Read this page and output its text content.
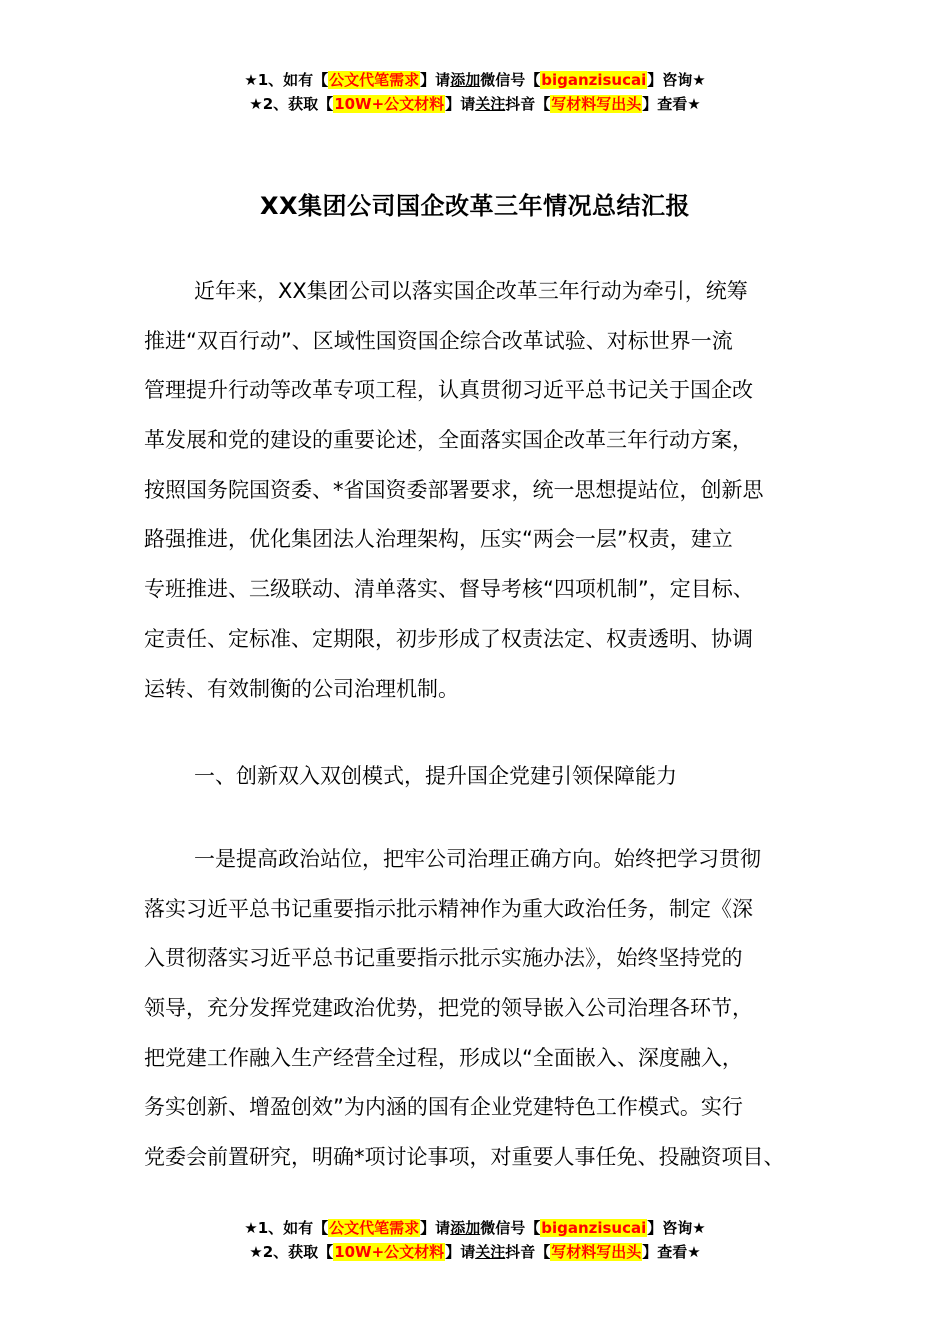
★1、如有【公文代笔需求】请添加微信号【biganzisucai】咨询★
★2、获取【10W+公文材料】请关注抖音【写材料写出头】查看★
XX集团公司国企改革三年情况总结汇报
近年来，XX集团公司以落实国企改革三年行动为牵引，统筹
推进“双百行动”、区域性国资国企综合改革试验、对标世界一流
管理提升行动等改革专项工程，认真贯彻习近平总书记关于国企改
革发展和党的建设的重要论述，全面落实国企改革三年行动方案，
按照国务院国资委、*省国资委部署要求，统一思想提站位，创新思
路强推进，优化集团法人治理架构，压实“两会一层”权责，建立
专班推进、三级联动、清单落实、督导考核“四项机制”，定目标、
定责任、定标准、定期限，初步形成了权责法定、权责透明、协调
运转、有效制衡的公司治理机制。
一、创新双入双创模式，提升国企党建引领保障能力
一是提高政治站位，把牢公司治理正确方向。始终把学习贯彻
落实习近平总书记重要指示批示精神作为重大政治任务，制定《深
入贯彻落实习近平总书记重要指示批示实施办法》，始终坚持党的
领导，充分发挥党建政治优势，把党的领导嵌入公司治理各环节，
把党建工作融入生产经营全过程，形成以“全面嵌入、深度融入，
务实创新、增盈创效”为内涵的国有企业党建特色工作模式。实行
党委会前置研究，明确*项讨论事项，对重要人事任免、投融资项目、
★1、如有【公文代笔需求】请添加微信号【biganzisucai】咨询★
★2、获取【10W+公文材料】请关注抖音【写材料写出头】查看★
